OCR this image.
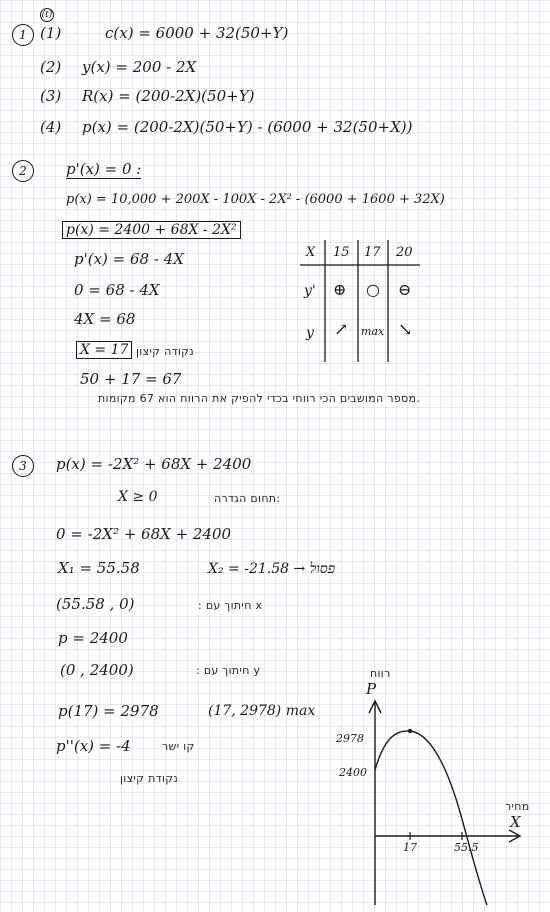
(t)
1 (1)	c(x) = 6000 + 32(50+Y)
(2) y(x) = 200 - 2X
(3) R(x) = (200-2X)(50+Y)
(4) p(x) = (200-2X)(50+Y) - (6000 + 32(50+X))
2	p'(x) = 0 :
p(x) = 10,000 + 200X - 100X - 2X² - (6000 + 1600 + 32X)
p(x) = 2400 + 68X - 2X²
p'(x) = 68 - 4X
0 = 68 - 4X
4X = 68
X = 17 נקודה קיצון
50 + 17 = 67
מספר המושבים הכי רווחי בכדי להפיק את הרווח הוא 67 מקומות.
X 15 17 20
y' ⊕ ○ ⊖
y ↗ max ↘
3 p(x) = -2X² + 68X + 2400
X ≥ 0	תחום הגדרה:
0 = -2X² + 68X + 2400
X₁ = 55.58	X₂ = -21.58 → פסול
(55.58 , 0)	: חיתוך עם x
p = 2400
(0 , 2400)	: חיתוך עם y
p(17) = 2978	(17, 2978) max
p''(x) = -4	קו ישר
נקודת קיצון
P
רווח
2978
2400
17	55.5
X
מחיר
